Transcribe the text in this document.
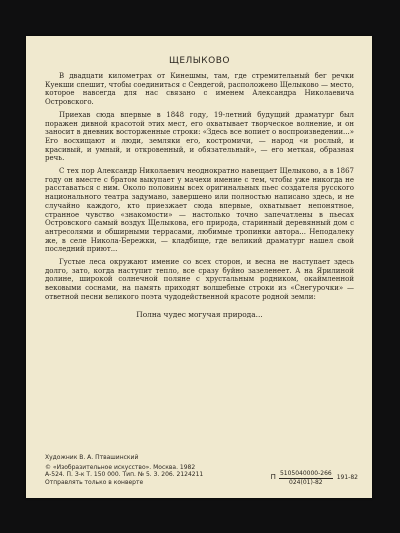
ЩЕЛЫКОВО

В двадцати километрах от Кинешмы, там, где стремительный бег речки Куекши спешит, чтобы соединиться с Сендегой, расположено Щелыково — место, которое навсегда для нас связано с именем Александра Николаевича Островского.

Приехав сюда впервые в 1848 году, 19-летний будущий драматург был поражен дивной красотой этих мест, его охватывает творческое волнение, и он заносит в дневник восторженные строки: «Здесь все вопиет о воспроизведении...» Его восхищают и люди, земляки его, костромичи, — народ «и рослый, и красивый, и умный, и откровенный, и обязательный», — его меткая, образная речь.

С тех пор Александр Николаевич неоднократно навещает Щелыково, а в 1867 году он вместе с братом выкупает у мачехи имение с тем, чтобы уже никогда не расставаться с ним. Около половины всех оригинальных пьес создателя русского национального театра задумано, завершено или полностью написано здесь, и не случайно каждого, кто приезжает сюда впервые, охватывает непонятное, странное чувство «знакомости» — настолько точно запечатлены в пьесах Островского самый воздух Щелыкова, его природа, старинный деревянный дом с антресолями и обширными террасами, любимые тропинки автора... Неподалеку же, в селе Никола-Бережки, — кладбище, где великий драматург нашел свой последний приют...

Густые леса окружают имение со всех сторон, и весна не наступает здесь долго, зато, когда наступит тепло, все сразу буйно зазеленеет. А на Ярилиной долине, широкой солнечной поляне с хрустальным родником, окаймленной вековыми соснами, на память приходят волшебные строки из «Снегурочки» — ответной песни великого поэта чудодейственной красоте родной земли:

Полна чудес могучая природа...

Художник В. А. Птвашинский
© «Изобразительное искусство». Москва. 1982
А-524. П. З-к Т. 150 000. Тип. № 5. З. 206. 2124211
Отправлять только в конверте
П 5105040000-266
024(01)-82
191-82
